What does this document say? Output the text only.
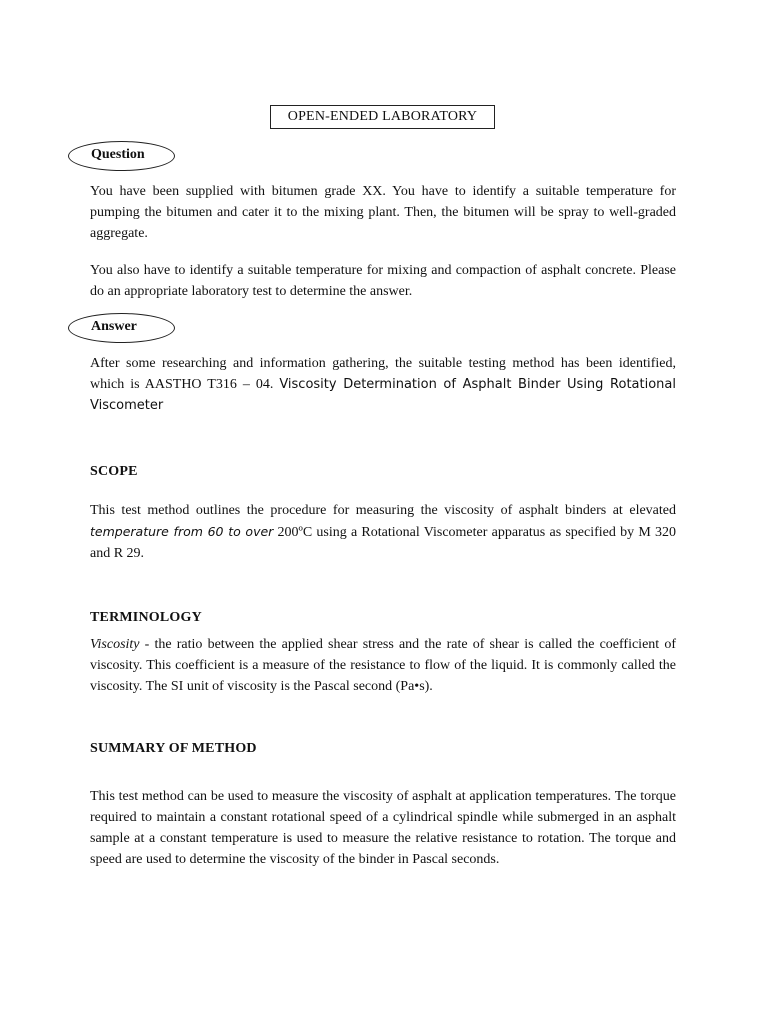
OPEN-ENDED LABORATORY
Question
You have been supplied with bitumen grade XX. You have to identify a suitable temperature for pumping the bitumen and cater it to the mixing plant. Then, the bitumen will be spray to well-graded aggregate.
You also have to identify a suitable temperature for mixing and compaction of asphalt concrete. Please do an appropriate laboratory test to determine the answer.
Answer
After some researching and information gathering, the suitable testing method has been identified, which is AASTHO T316 – 04. Viscosity Determination of Asphalt Binder Using Rotational Viscometer
SCOPE
This test method outlines the procedure for measuring the viscosity of asphalt binders at elevated temperature from 60 to over 200ºC using a Rotational Viscometer apparatus as specified by M 320 and R 29.
TERMINOLOGY
Viscosity - the ratio between the applied shear stress and the rate of shear is called the coefficient of viscosity. This coefficient is a measure of the resistance to flow of the liquid. It is commonly called the viscosity. The SI unit of viscosity is the Pascal second (Pa•s).
SUMMARY OF METHOD
This test method can be used to measure the viscosity of asphalt at application temperatures. The torque required to maintain a constant rotational speed of a cylindrical spindle while submerged in an asphalt sample at a constant temperature is used to measure the relative resistance to rotation. The torque and speed are used to determine the viscosity of the binder in Pascal seconds.
